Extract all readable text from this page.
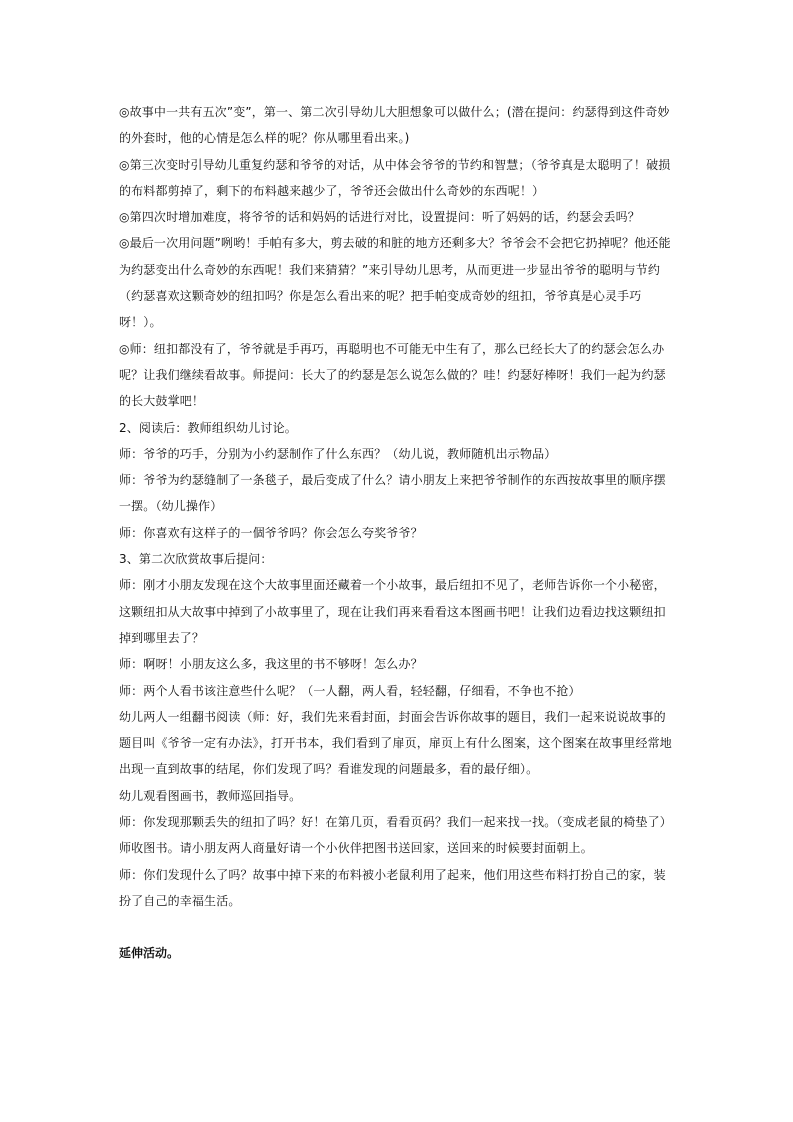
◎故事中一共有五次”变”，第一、第二次引导幼儿大胆想象可以做什么；(潜在提问：约瑟得到这件奇妙的外套时，他的心情是怎么样的呢？你从哪里看出来。)

◎第三次变时引导幼儿重复约瑟和爷爷的对话，从中体会爷爷的节约和智慧；（爷爷真是太聪明了！破损的布料都剪掉了，剩下的布料越来越少了，爷爷还会做出什么奇妙的东西呢！）

◎第四次时增加难度，将爷爷的话和妈妈的话进行对比，设置提问：听了妈妈的话，约瑟会丢吗？

◎最后一次用问题”咧哟！手帕有多大，剪去破的和脏的地方还剩多大？爷爷会不会把它扔掉呢？他还能为约瑟变出什么奇妙的东西呢！我们来猜猜？”来引导幼儿思考，从而更进一步显出爷爷的聪明与节约（约瑟喜欢这颗奇妙的纽扣吗？你是怎么看出来的呢？把手帕变成奇妙的纽扣，爷爷真是心灵手巧呀！）。

◎师：纽扣都没有了，爷爷就是手再巧，再聪明也不可能无中生有了，那么已经长大了的约瑟会怎么办呢？让我们继续看故事。师提问：长大了的约瑟是怎么说怎么做的？哇！约瑟好棒呀！我们一起为约瑟的长大鼓掌吧！

2、阅读后：教师组织幼儿讨论。

师：爷爷的巧手，分别为小约瑟制作了什么东西？（幼儿说，教师随机出示物品）

师：爷爷为约瑟缝制了一条毯子，最后变成了什么？请小朋友上来把爷爷制作的东西按故事里的顺序摆一摆。（幼儿操作）

师：你喜欢有这样子的一個爷爷吗？你会怎么夸奖爷爷？

3、第二次欣赏故事后提问：

师：刚才小朋友发现在这个大故事里面还藏着一个小故事，最后纽扣不见了，老师告诉你一个小秘密，这颗纽扣从大故事中掉到了小故事里了，现在让我们再来看看这本图画书吧！让我们边看边找这颗纽扣掉到哪里去了？

师：啊呀！小朋友这么多，我这里的书不够呀！怎么办？

师：两个人看书该注意些什么呢？（一人翻，两人看，轻轻翻，仔细看，不争也不抢）

幼儿两人一组翻书阅读（师：好，我们先来看封面，封面会告诉你故事的题目，我们一起来说说故事的题目叫《爷爷一定有办法》，打开书本，我们看到了扉页，扉页上有什么图案，这个图案在故事里经常地出现一直到故事的结尾，你们发现了吗？看谁发现的问题最多，看的最仔细）。

幼儿观看图画书，教师巡回指导。

师：你发现那颗丢失的纽扣了吗？好！在第几页，看看页码？我们一起来找一找。（变成老鼠的椅垫了）师收图书。请小朋友两人商量好请一个小伙伴把图书送回家，送回来的时候要封面朝上。

师：你们发现什么了吗？故事中掉下来的布料被小老鼠利用了起来，他们用这些布料打扮自己的家，装扮了自己的幸福生活。

延伸活动。
